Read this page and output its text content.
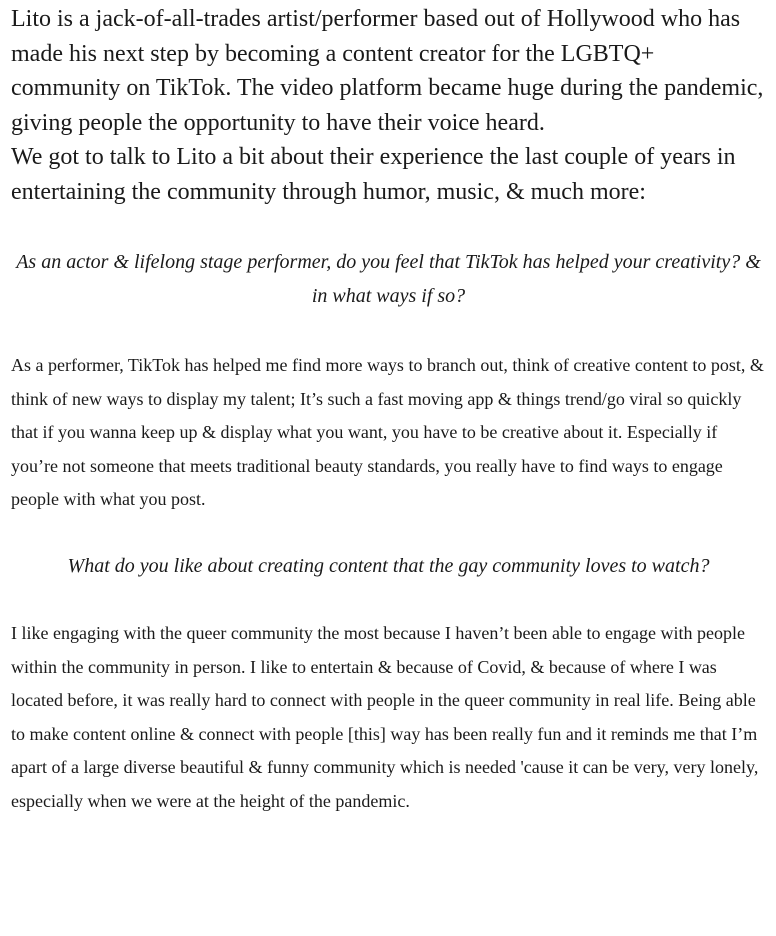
Lito is a jack-of-all-trades artist/performer based out of Hollywood who has made his next step by becoming a content creator for the LGBTQ+ community on TikTok. The video platform became huge during the pandemic, giving people the opportunity to have their voice heard.

We got to talk to Lito a bit about their experience the last couple of years in entertaining the community through humor, music, & much more:

As an actor & lifelong stage performer, do you feel that TikTok has helped your creativity? & in what ways if so?

As a performer, TikTok has helped me find more ways to branch out, think of creative content to post, & think of new ways to display my talent; It’s such a fast moving app & things trend/go viral so quickly that if you wanna keep up & display what you want, you have to be creative about it. Especially if you’re not someone that meets traditional beauty standards, you really have to find ways to engage people with what you post.

What do you like about creating content that the gay community loves to watch?

I like engaging with the queer community the most because I haven’t been able to engage with people within the community in person. I like to entertain & because of Covid, & because of where I was located before, it was really hard to connect with people in the queer community in real life. Being able to make content online & connect with people [this] way has been really fun and it reminds me that I’m apart of a large diverse beautiful & funny community which is needed 'cause it can be very, very lonely, especially when we were at the height of the pandemic.
